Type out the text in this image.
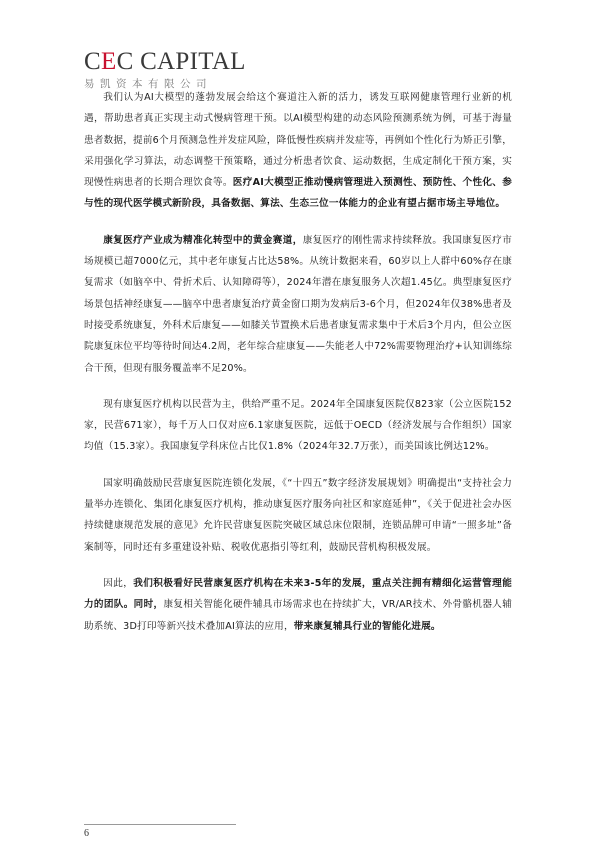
CEC CAPITAL
易凯资本有限公司

我们认为AI大模型的蓬勃发展会给这个赛道注入新的活力，诱发互联网健康管理行业新的机遇，帮助患者真正实现主动式慢病管理干预。以AI模型构建的动态风险预测系统为例，可基于海量患者数据，提前6个月预测急性并发症风险，降低慢性疾病并发症等，再例如个性化行为矫正引擎，采用强化学习算法，动态调整干预策略，通过分析患者饮食、运动数据，生成定制化干预方案，实现慢性病患者的长期合理饮食等。医疗AI大模型正推动慢病管理进入预测性、预防性、个性化、参与性的现代医学模式新阶段，具备数据、算法、生态三位一体能力的企业有望占据市场主导地位。

康复医疗产业成为精准化转型中的黄金赛道，康复医疗的刚性需求持续释放。我国康复医疗市场规模已超7000亿元，其中老年康复占比达58%。从统计数据来看，60岁以上人群中60%存在康复需求（如脑卒中、骨折术后、认知障碍等），2024年潜在康复服务人次超1.45亿。典型康复医疗场景包括神经康复——脑卒中患者康复治疗黄金窗口期为发病后3-6个月，但2024年仅38%患者及时接受系统康复，外科术后康复——如膝关节置换术后患者康复需求集中于术后3个月内，但公立医院康复床位平均等待时间达4.2周，老年综合症康复——失能老人中72%需要物理治疗+认知训练综合干预，但现有服务覆盖率不足20%。

现有康复医疗机构以民营为主，供给严重不足。2024年全国康复医院仅823家（公立医院152家，民营671家），每千万人口仅对应6.1家康复医院，远低于OECD（经济发展与合作组织）国家均值（15.3家）。我国康复学科床位占比仅1.8%（2024年32.7万张），而美国该比例达12%。

国家明确鼓励民营康复医院连锁化发展，《“十四五”数字经济发展规划》明确提出“支持社会力量举办连锁化、集团化康复医疗机构，推动康复医疗服务向社区和家庭延伸”，《关于促进社会办医持续健康规范发展的意见》允许民营康复医院突破区域总床位限制，连锁品牌可申请“一照多址”备案制等，同时还有多重建设补贴、税收优惠指引等红利，鼓励民营机构积极发展。

因此，我们积极看好民营康复医疗机构在未来3-5年的发展，重点关注拥有精细化运营管理能力的团队。同时，康复相关智能化硬件辅具市场需求也在持续扩大，VR/AR技术、外骨骼机器人辅助系统、3D打印等新兴技术叠加AI算法的应用，带来康复辅具行业的智能化进展。

6
